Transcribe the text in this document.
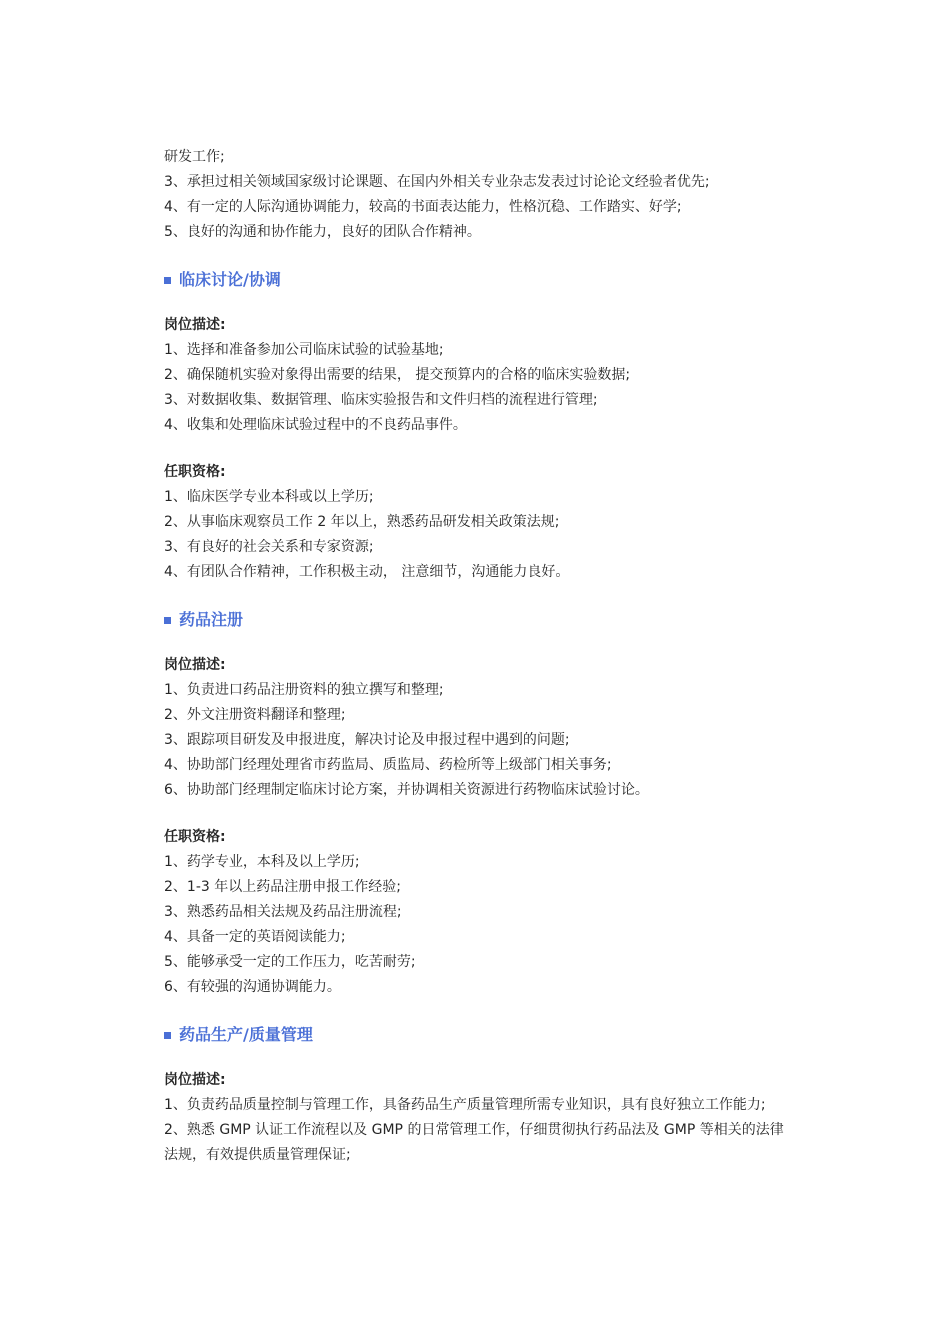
研发工作;

3、承担过相关领域国家级讨论课题、在国内外相关专业杂志发表过讨论论文经验者优先;

4、有一定的人际沟通协调能力，较高的书面表达能力，性格沉稳、工作踏实、好学;

5、良好的沟通和协作能力，良好的团队合作精神。

临床讨论/协调

岗位描述:

1、选择和准备参加公司临床试验的试验基地;

2、确保随机实验对象得出需要的结果， 提交预算内的合格的临床实验数据;

3、对数据收集、数据管理、临床实验报告和文件归档的流程进行管理;

4、收集和处理临床试验过程中的不良药品事件。

任职资格:

1、临床医学专业本科或以上学历;

2、从事临床观察员工作 2 年以上，熟悉药品研发相关政策法规;

3、有良好的社会关系和专家资源;

4、有团队合作精神，工作积极主动， 注意细节，沟通能力良好。

药品注册

岗位描述:

1、负责进口药品注册资料的独立撰写和整理;

2、外文注册资料翻译和整理;

3、跟踪项目研发及申报进度，解决讨论及申报过程中遇到的问题;

4、协助部门经理处理省市药监局、质监局、药检所等上级部门相关事务;

6、协助部门经理制定临床讨论方案，并协调相关资源进行药物临床试验讨论。

任职资格:

1、药学专业，本科及以上学历;

2、1-3 年以上药品注册申报工作经验;

3、熟悉药品相关法规及药品注册流程;

4、具备一定的英语阅读能力;

5、能够承受一定的工作压力，吃苦耐劳;

6、有较强的沟通协调能力。

药品生产/质量管理

岗位描述:

1、负责药品质量控制与管理工作，具备药品生产质量管理所需专业知识，具有良好独立工作能力;

2、熟悉 GMP 认证工作流程以及 GMP 的日常管理工作，仔细贯彻执行药品法及 GMP 等相关的法律法规，有效提供质量管理保证;
